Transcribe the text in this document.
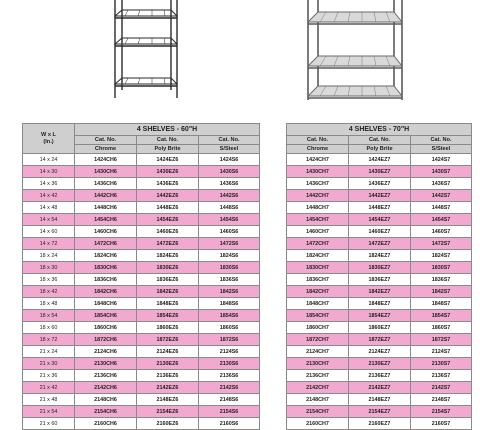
W x L
(In.)	4 SHELVES - 60"H		
	Cat. No.	Cat. No.	Cat. No.
	Chrome	Poly Brite	S/Steel
14 x 24	1424CH6	1424EZ6	1424S6
14 x 30	1430CH6	1430EZ6	1430S6
14 x 36	1436CH6	1436EZ6	1436S6
14 x 42	1442CH6	1442EZ6	1442S6
14 x 48	1448CH6	1448EZ6	1448S6
14 x 54	1454CH6	1454EZ6	1454S6
14 x 60	1460CH6	1460EZ6	1460S6
14 x 72	1472CH6	1472EZ6	1472S6
18 x 24	1824CH6	1824EZ6	1824S6
18 x 30	1830CH6	1830EZ6	1830S6
18 x 36	1836CH6	1836EZ6	1836S6
18 x 42	1842CH6	1842EZ6	1842S6
18 x 48	1848CH6	1848EZ6	1848S6
18 x 54	1854CH6	1854EZ6	1854S6
18 x 60	1860CH6	1860EZ6	1860S6
18 x 72	1872CH6	1872EZ6	1872S6
21 x 24	2124CH6	2124EZ6	2124S6
21 x 30	2130CH6	2130EZ6	2130S6
21 x 36	2136CH6	2136EZ6	2136S6
21 x 42	2142CH6	2142EZ6	2142S6
21 x 48	2148CH6	2148EZ6	2148S6
21 x 54	2154CH6	2154EZ6	2154S6
21 x 60	2160CH6	2160EZ6	2160S6
4 SHELVES - 70"H		
Cat. No.	Cat. No.	Cat. No.
Chrome	Poly Brite	S/Steel
1424CH7	1424EZ7	1424S7
1430CH7	1430EZ7	1430S7
1436CH7	1436EZ7	1436S7
1442CH7	1442EZ7	1442S7
1448CH7	1448EZ7	1448S7
1454CH7	1454EZ7	1454S7
1460CH7	1460EZ7	1460S7
1472CH7	1472EZ7	1472S7
1824CH7	1824EZ7	1824S7
1830CH7	1830EZ7	1830S7
1836CH7	1836EZ7	1836S7
1842CH7	1842EZ7	1842S7
1848CH7	1848EZ7	1848S7
1854CH7	1854EZ7	1854S7
1860CH7	1860EZ7	1860S7
1872CH7	1872EZ7	1872S7
2124CH7	2124EZ7	2124S7
2130CH7	2130EZ7	2130S7
2136CH7	2136EZ7	2136S7
2142CH7	2142EZ7	2142S7
2148CH7	2148EZ7	2148S7
2154CH7	2154EZ7	2154S7
2160CH7	2160EZ7	2160S7
